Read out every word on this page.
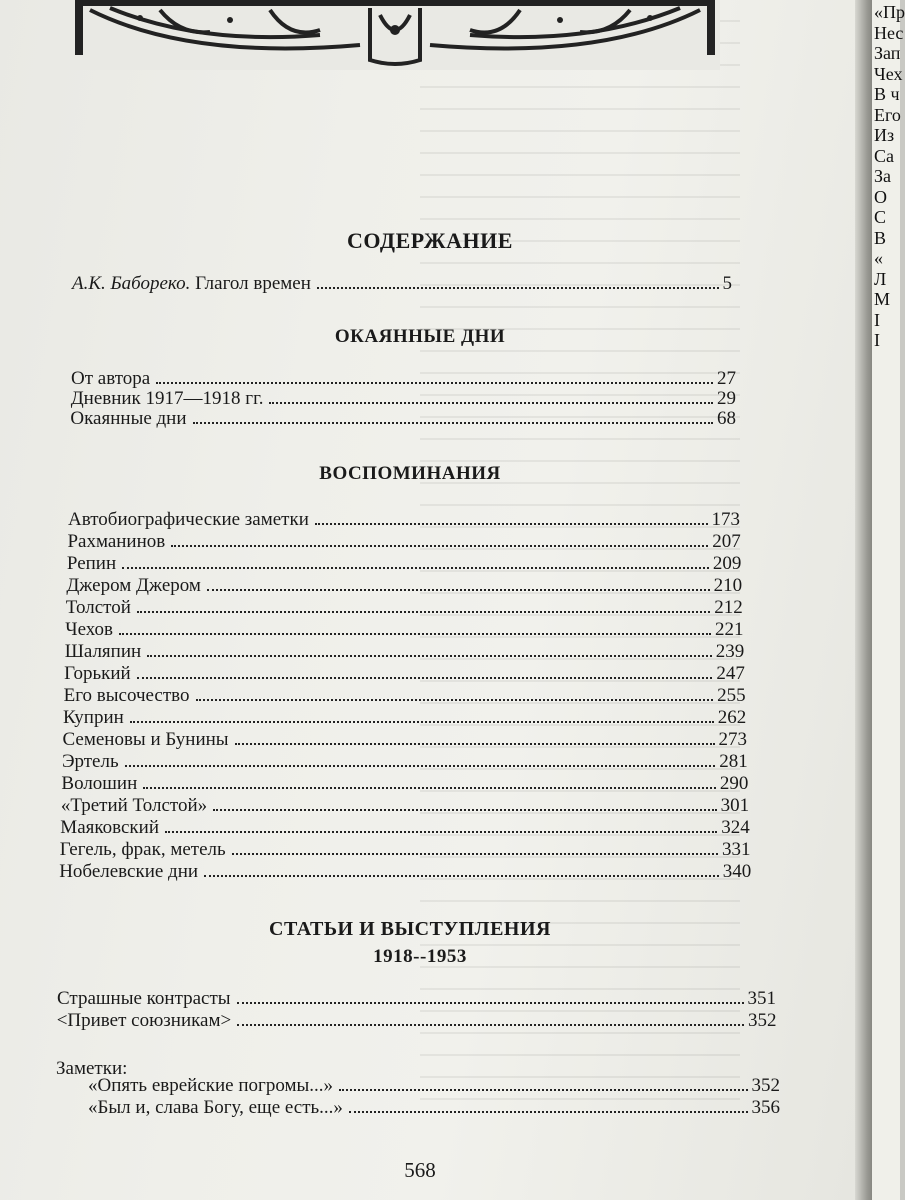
СОДЕРЖАНИЕ
А.К. Бабореко. Глагол времен	5
ОКАЯННЫЕ ДНИ
От автора	27
Дневник 1917—1918 гг.	29
Окаянные дни	68
ВОСПОМИНАНИЯ
Автобиографические заметки	173
Рахманинов	207
Репин	209
Джером Джером	210
Толстой	212
Чехов	221
Шаляпин	239
Горький	247
Его высочество	255
Куприн	262
Семеновы и Бунины	273
Эртель	281
Волошин	290
«Третий Толстой»	301
Маяковский	324
Гегель, фрак, метель	331
Нобелевские дни	340
СТАТЬИ И ВЫСТУПЛЕНИЯ
1918--1953
Страшные контрасты	351
<Привет союзникам>	352
Заметки:
«Опять еврейские погромы...»	352
«Был и, слава Богу, еще есть...»	356
568
«Пр
Нес
Зап
Чех
В ч
Его
Из
Са
За
О
С
В
«
Л
М
І
І
